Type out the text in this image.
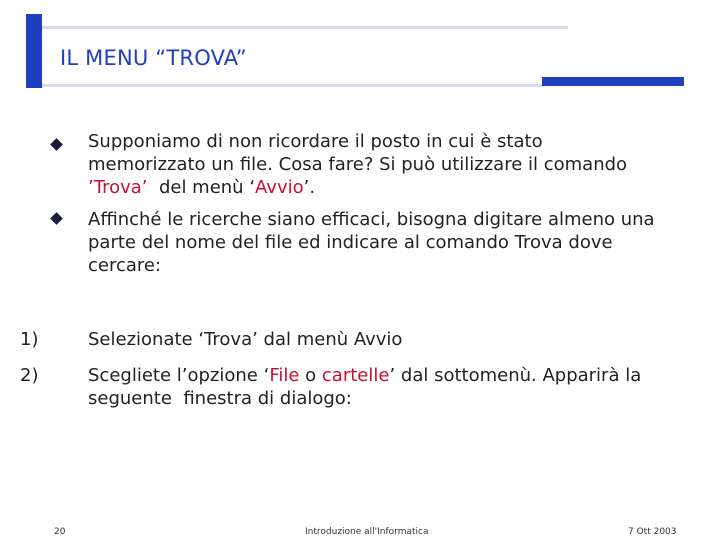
IL MENU “TROVA”
Supponiamo di non ricordare il posto in cui è stato
memorizzato un file. Cosa fare? Si può utilizzare il comando
’Trova’  del menù ‘Avvio’.
Affinché le ricerche siano efficaci, bisogna digitare almeno una parte del nome del file ed indicare al comando Trova dove cercare:
1)	Selezionate ‘Trova’ dal menù Avvio
2)	Scegliete l’opzione ‘File o cartelle’ dal sottomenù. Apparirà la
seguente  finestra di dialogo:
20	Introduzione all'Informatica	7 Ott 2003
